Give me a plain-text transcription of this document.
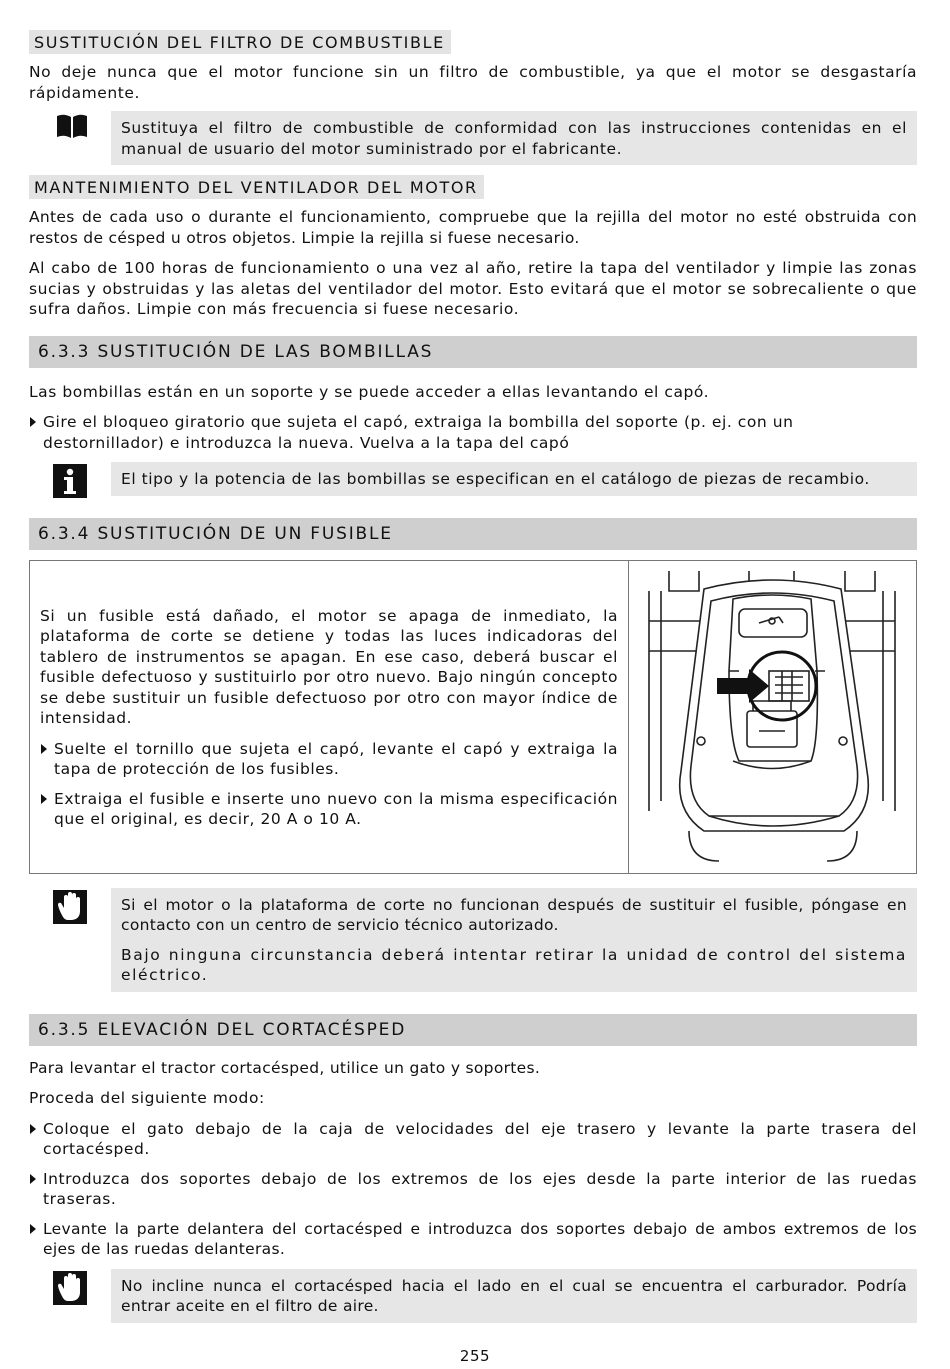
SUSTITUCIÓN DEL FILTRO DE COMBUSTIBLE

No deje nunca que el motor funcione sin un filtro de combustible, ya que el motor se desgastaría rápidamente.

Sustituya el filtro de combustible de conformidad con las instrucciones contenidas en el manual de usuario del motor suministrado por el fabricante.

MANTENIMIENTO DEL VENTILADOR DEL MOTOR

Antes de cada uso o durante el funcionamiento, compruebe que la rejilla del motor no esté obstruida con restos de césped u otros objetos. Limpie la rejilla si fuese necesario.

Al cabo de 100 horas de funcionamiento o una vez al año, retire la tapa del ventilador y limpie las zonas sucias y obstruidas y las aletas del ventilador del motor. Esto evitará que el motor se sobrecaliente o que sufra daños. Limpie con más frecuencia si fuese necesario.

6.3.3 SUSTITUCIÓN DE LAS BOMBILLAS

Las bombillas están en un soporte y se puede acceder a ellas levantando el capó.

Gire el bloqueo giratorio que sujeta el capó, extraiga la bombilla del soporte (p. ej. con un destornillador) e introduzca la nueva. Vuelva a la tapa del capó

El tipo y la potencia de las bombillas se especifican en el catálogo de piezas de recambio.

6.3.4 SUSTITUCIÓN DE UN FUSIBLE

Si un fusible está dañado, el motor se apaga de inmediato, la plataforma de corte se detiene y todas las luces indicadoras del tablero de instrumentos se apagan. En ese caso, deberá buscar el fusible defectuoso y sustituirlo por otro nuevo. Bajo ningún concepto se debe sustituir un fusible defectuoso por otro con mayor índice de intensidad.

Suelte el tornillo que sujeta el capó, levante el capó y extraiga la tapa de protección de los fusibles.

Extraiga el fusible e inserte uno nuevo con la misma especificación que el original, es decir, 20 A o 10 A.

Si el motor o la plataforma de corte no funcionan después de sustituir el fusible, póngase en contacto con un centro de servicio técnico autorizado.

Bajo ninguna circunstancia deberá intentar retirar la unidad de control del sistema eléctrico.

6.3.5 ELEVACIÓN DEL CORTACÉSPED

Para levantar el tractor cortacésped, utilice un gato y soportes.

Proceda del siguiente modo:

Coloque el gato debajo de la caja de velocidades del eje trasero y levante la parte trasera del cortacésped.

Introduzca dos soportes debajo de los extremos de los ejes desde la parte interior de las ruedas traseras.

Levante la parte delantera del cortacésped e introduzca dos soportes debajo de ambos extremos de los ejes de las ruedas delanteras.

No incline nunca el cortacésped hacia el lado en el cual se encuentra el carburador. Podría entrar aceite en el filtro de aire.

255
